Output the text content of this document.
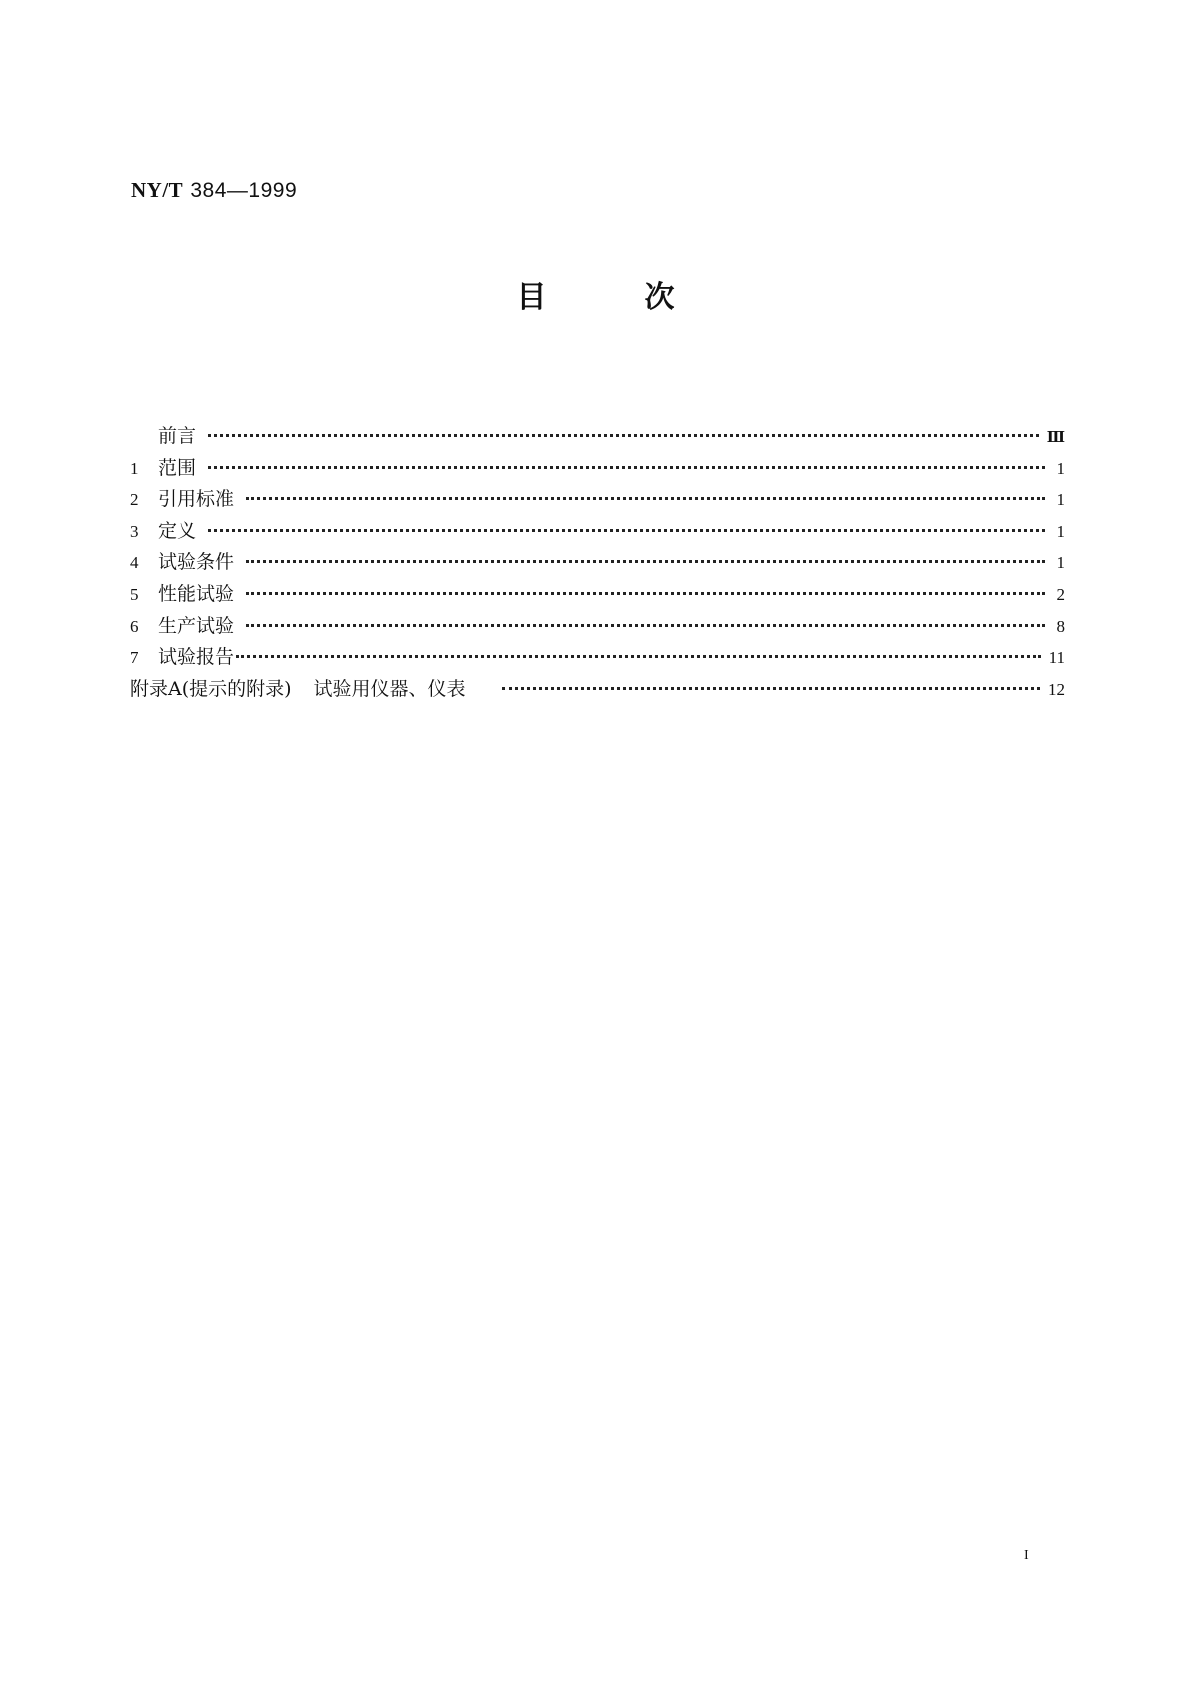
NY/T 384—1999
目次
前言	Ⅲ
1	范围	1
2	引用标准	1
3	定义	1
4	试验条件	1
5	性能试验	2
6	生产试验	8
7	试验报告	11
附录A(提示的附录) 试验用仪器、仪表	12
I
